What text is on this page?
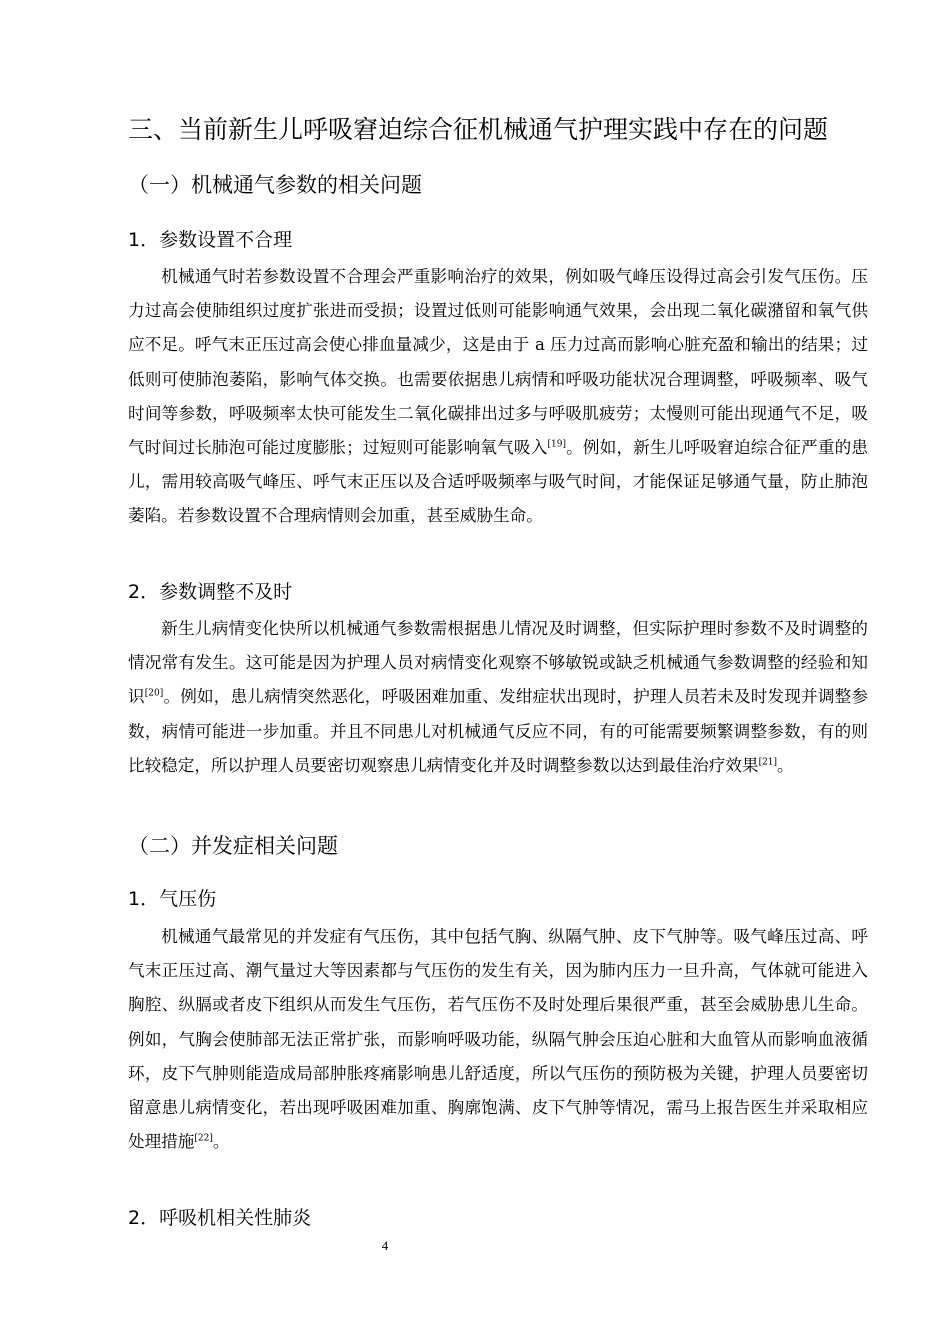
三、当前新生儿呼吸窘迫综合征机械通气护理实践中存在的问题
（一）机械通气参数的相关问题
1．参数设置不合理

机械通气时若参数设置不合理会严重影响治疗的效果，例如吸气峰压设得过高会引发气压伤。压力过高会使肺组织过度扩张进而受损；设置过低则可能影响通气效果，会出现二氧化碳潴留和氧气供应不足。呼气末正压过高会使心排血量减少，这是由于 a 压力过高而影响心脏充盈和输出的结果；过低则可使肺泡萎陷，影响气体交换。也需要依据患儿病情和呼吸功能状况合理调整，呼吸频率、吸气时间等参数，呼吸频率太快可能发生二氧化碳排出过多与呼吸肌疲劳；太慢则可能出现通气不足，吸气时间过长肺泡可能过度膨胀；过短则可能影响氧气吸入[19]。例如，新生儿呼吸窘迫综合征严重的患儿，需用较高吸气峰压、呼气末正压以及合适呼吸频率与吸气时间，才能保证足够通气量，防止肺泡萎陷。若参数设置不合理病情则会加重，甚至威胁生命。

2．参数调整不及时

新生儿病情变化快所以机械通气参数需根据患儿情况及时调整，但实际护理时参数不及时调整的情况常有发生。这可能是因为护理人员对病情变化观察不够敏锐或缺乏机械通气参数调整的经验和知识[20]。例如，患儿病情突然恶化，呼吸困难加重、发绀症状出现时，护理人员若未及时发现并调整参数，病情可能进一步加重。并且不同患儿对机械通气反应不同，有的可能需要频繁调整参数，有的则比较稳定，所以护理人员要密切观察患儿病情变化并及时调整参数以达到最佳治疗效果[21]。

（二）并发症相关问题
1．气压伤

机械通气最常见的并发症有气压伤，其中包括气胸、纵隔气肿、皮下气肿等。吸气峰压过高、呼气末正压过高、潮气量过大等因素都与气压伤的发生有关，因为肺内压力一旦升高，气体就可能进入胸腔、纵膈或者皮下组织从而发生气压伤，若气压伤不及时处理后果很严重，甚至会威胁患儿生命。例如，气胸会使肺部无法正常扩张，而影响呼吸功能，纵隔气肿会压迫心脏和大血管从而影响血液循环，皮下气肿则能造成局部肿胀疼痛影响患儿舒适度，所以气压伤的预防极为关键，护理人员要密切留意患儿病情变化，若出现呼吸困难加重、胸廓饱满、皮下气肿等情况，需马上报告医生并采取相应处理措施[22]。

2．呼吸机相关性肺炎
4
